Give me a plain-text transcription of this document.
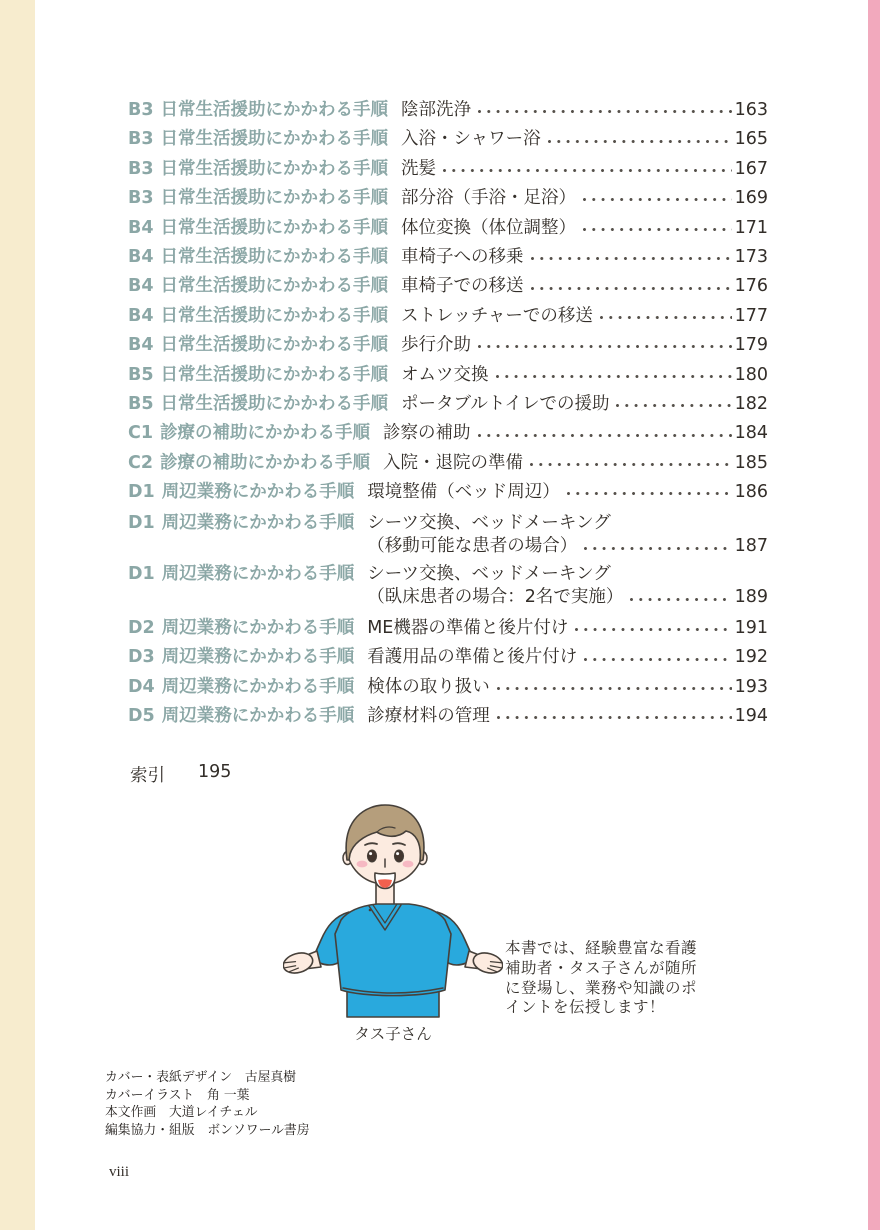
B3 日常生活援助にかかわる手順 陰部洗浄	163
B3 日常生活援助にかかわる手順 入浴・シャワー浴	165
B3 日常生活援助にかかわる手順 洗髪	167
B3 日常生活援助にかかわる手順 部分浴（手浴・足浴）	169
B4 日常生活援助にかかわる手順 体位変換（体位調整）	171
B4 日常生活援助にかかわる手順 車椅子への移乗	173
B4 日常生活援助にかかわる手順 車椅子での移送	176
B4 日常生活援助にかかわる手順 ストレッチャーでの移送	177
B4 日常生活援助にかかわる手順 歩行介助	179
B5 日常生活援助にかかわる手順 オムツ交換	180
B5 日常生活援助にかかわる手順 ポータブルトイレでの援助	182
C1 診療の補助にかかわる手順 診察の補助	184
C2 診療の補助にかかわる手順 入院・退院の準備	185
D1 周辺業務にかかわる手順 環境整備（ベッド周辺）	186
D1 周辺業務にかかわる手順 シーツ交換、ベッドメーキング
（移動可能な患者の場合）	187
D1 周辺業務にかかわる手順 シーツ交換、ベッドメーキング
（臥床患者の場合：2名で実施）	189
D2 周辺業務にかかわる手順 ME機器の準備と後片付け	191
D3 周辺業務にかかわる手順 看護用品の準備と後片付け	192
D4 周辺業務にかかわる手順 検体の取り扱い	193
D5 周辺業務にかかわる手順 診療材料の管理	194
索引 195
タス子さん
本書では、経験豊富な看護
補助者・タス子さんが随所
に登場し、業務や知識のポ
イントを伝授します！
カバー・表紙デザイン　古屋真樹
カバーイラスト　角 一葉
本文作画　大道レイチェル
編集協力・組版　ボンソワール書房
viii
